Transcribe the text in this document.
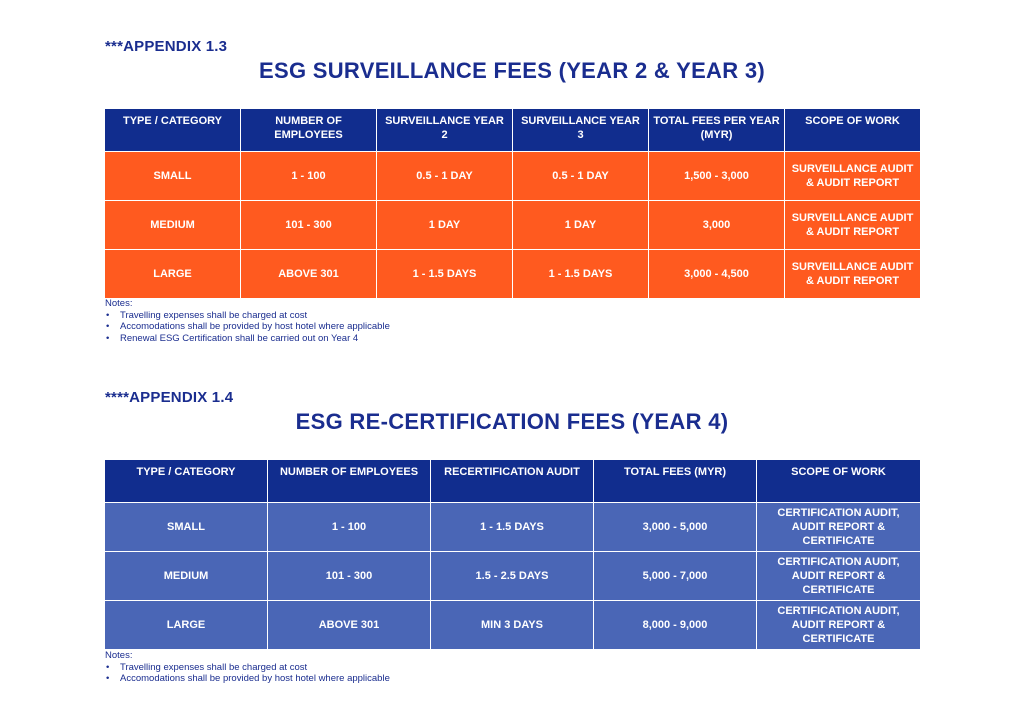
***APPENDIX 1.3
ESG SURVEILLANCE FEES (YEAR 2 & YEAR 3)
TYPE / CATEGORY	NUMBER OF EMPLOYEES	SURVEILLANCE YEAR 2	SURVEILLANCE YEAR 3	TOTAL FEES PER YEAR (MYR)	SCOPE OF WORK
SMALL	1 - 100	0.5 - 1 DAY	0.5 - 1 DAY	1,500 - 3,000	SURVEILLANCE AUDIT & AUDIT REPORT
MEDIUM	101 - 300	1 DAY	1 DAY	3,000	SURVEILLANCE AUDIT & AUDIT REPORT
LARGE	ABOVE 301	1 - 1.5 DAYS	1 - 1.5 DAYS	3,000 - 4,500	SURVEILLANCE AUDIT & AUDIT REPORT
Notes:
• Travelling expenses shall be charged at cost
• Accomodations shall be provided by host hotel where applicable
• Renewal ESG Certification shall be carried out on Year 4
****APPENDIX 1.4
ESG RE-CERTIFICATION FEES (YEAR 4)
TYPE / CATEGORY	NUMBER OF EMPLOYEES	RECERTIFICATION AUDIT	TOTAL FEES (MYR)	SCOPE OF WORK
SMALL	1 - 100	1 - 1.5 DAYS	3,000 - 5,000	CERTIFICATION AUDIT, AUDIT REPORT & CERTIFICATE
MEDIUM	101 - 300	1.5 - 2.5 DAYS	5,000 - 7,000	CERTIFICATION AUDIT, AUDIT REPORT & CERTIFICATE
LARGE	ABOVE 301	MIN 3 DAYS	8,000 - 9,000	CERTIFICATION AUDIT, AUDIT REPORT & CERTIFICATE
Notes:
• Travelling expenses shall be charged at cost
• Accomodations shall be provided by host hotel where applicable
